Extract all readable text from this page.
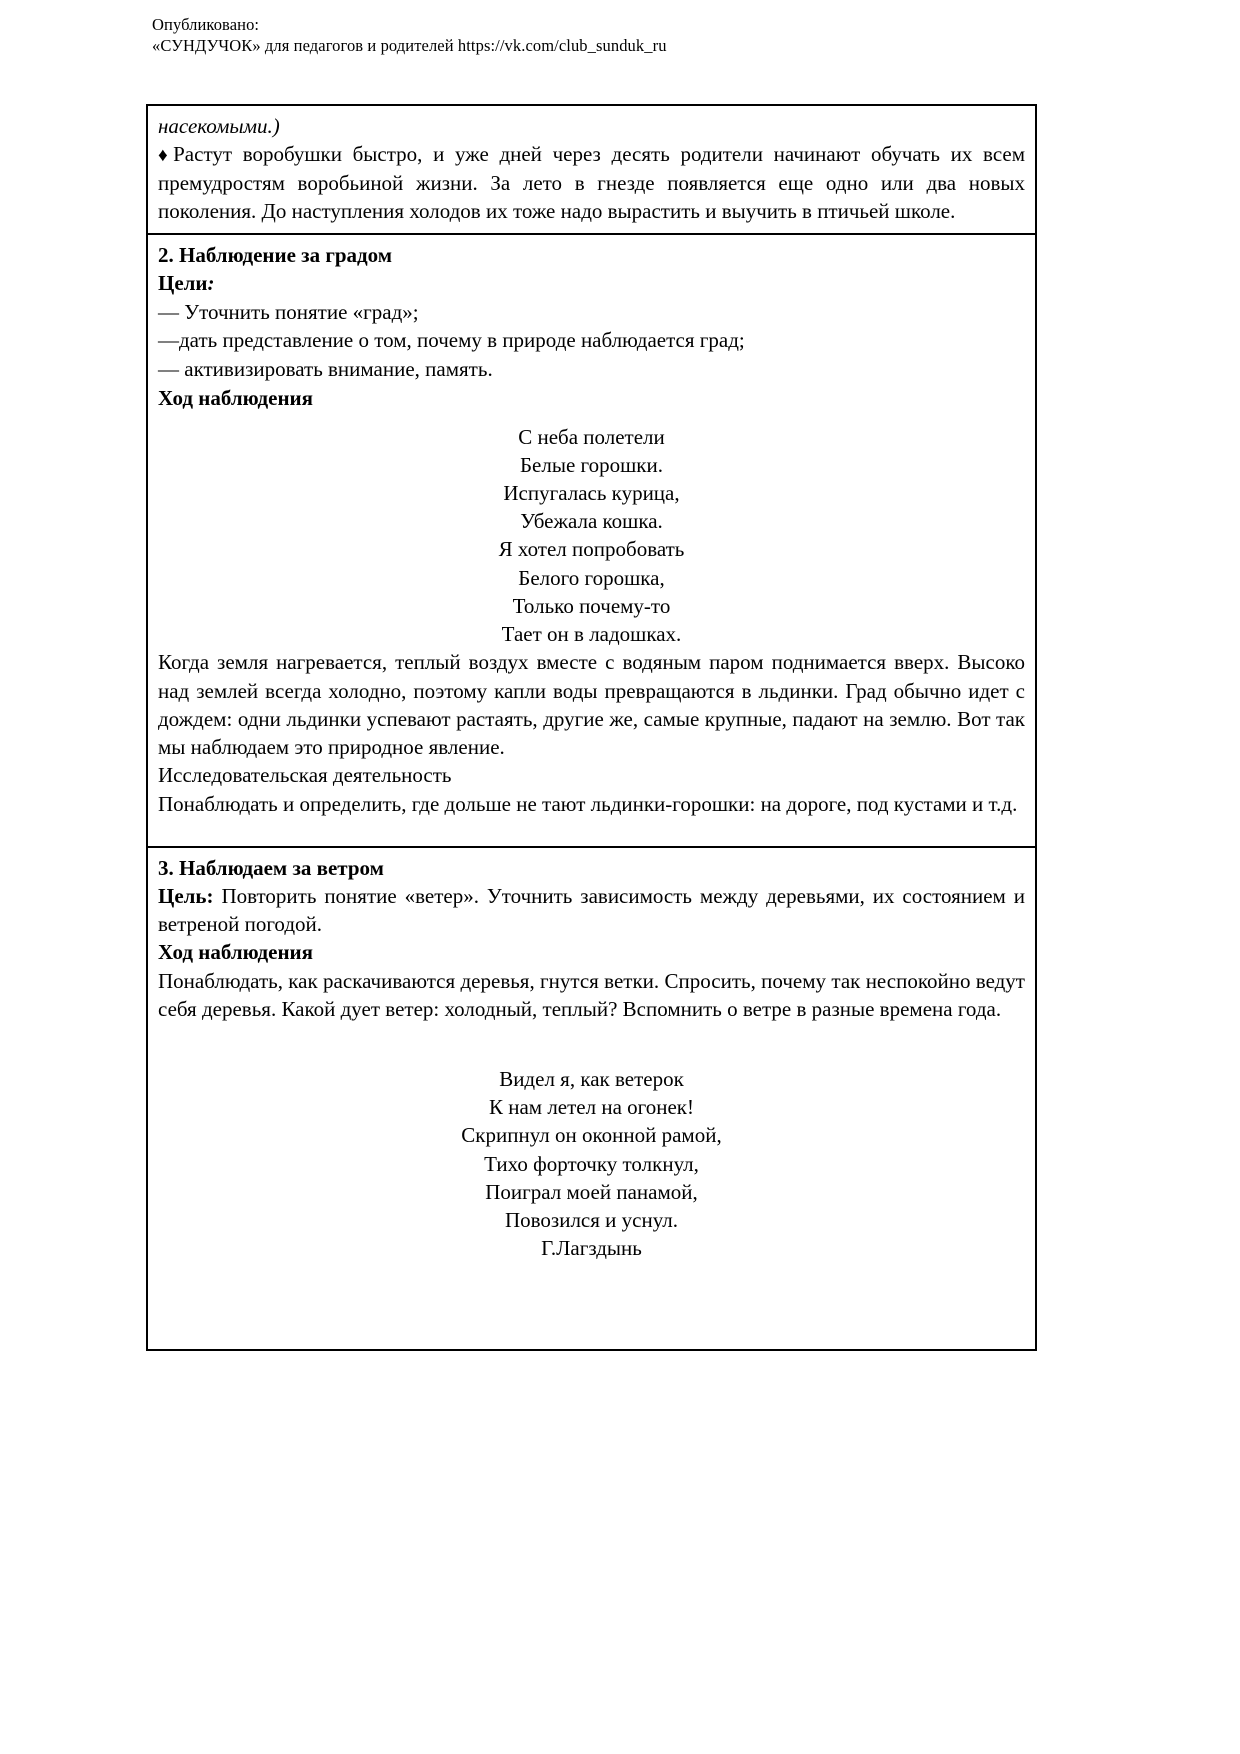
Опубликовано:
«СУНДУЧОК» для педагогов и родителей https://vk.com/club_sunduk_ru

насекомыми.)

♦Растут воробушки быстро, и уже дней через десять родители начинают обучать их всем премудростям воробьиной жизни. За лето в гнезде появляется еще одно или два новых поколения. До наступления холодов их тоже надо вырастить и выучить в птичьей школе.

2. Наблюдение за градом

Цели:

— Уточнить понятие «град»;

—дать представление о том, почему в природе наблюдается град;

— активизировать внимание, память.

Ход наблюдения

С неба полетели
Белые горошки.
Испугалась курица,
Убежала кошка.
Я хотел попробовать
Белого горошка,
Только почему-то
Тает он в ладошках.

Когда земля нагревается, теплый воздух вместе с водяным паром поднимается вверх. Высоко над землей всегда холодно, поэтому капли воды превращаются в льдинки. Град обычно идет с дождем: одни льдинки успевают растаять, другие же, самые крупные, падают на землю. Вот так мы наблюдаем это природное явление.

Исследовательская деятельность

Понаблюдать и определить, где дольше не тают льдинки-горошки: на дороге, под кустами и т.д.

3. Наблюдаем за ветром

Цель: Повторить понятие «ветер». Уточнить зависимость между деревьями, их состоянием и ветреной погодой.

Ход наблюдения

Понаблюдать, как раскачиваются деревья, гнутся ветки. Спросить, почему так неспокойно ведут себя деревья. Какой дует ветер: холодный, теплый? Вспомнить о ветре в разные времена года.

Видел я, как ветерок
К нам летел на огонек!
Скрипнул он оконной рамой,
Тихо форточку толкнул,
Поиграл моей панамой,
Повозился и уснул.
Г.Лагздынь
